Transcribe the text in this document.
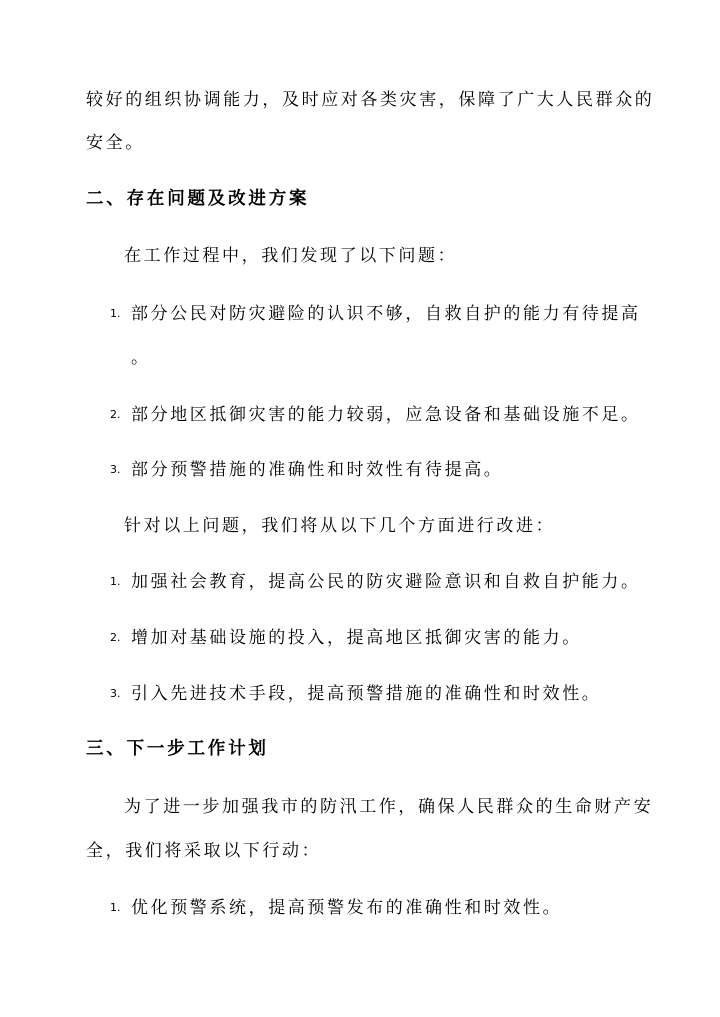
较好的组织协调能力，及时应对各类灾害，保障了广大人民群众的
安全。
二、存在问题及改进方案
在工作过程中，我们发现了以下问题：
1. 部分公民对防灾避险的认识不够，自救自护的能力有待提高
。
2. 部分地区抵御灾害的能力较弱，应急设备和基础设施不足。
3. 部分预警措施的准确性和时效性有待提高。
针对以上问题，我们将从以下几个方面进行改进：
1. 加强社会教育，提高公民的防灾避险意识和自救自护能力。
2. 增加对基础设施的投入，提高地区抵御灾害的能力。
3. 引入先进技术手段，提高预警措施的准确性和时效性。
三、下一步工作计划
为了进一步加强我市的防汛工作，确保人民群众的生命财产安
全，我们将采取以下行动：
1. 优化预警系统，提高预警发布的准确性和时效性。
